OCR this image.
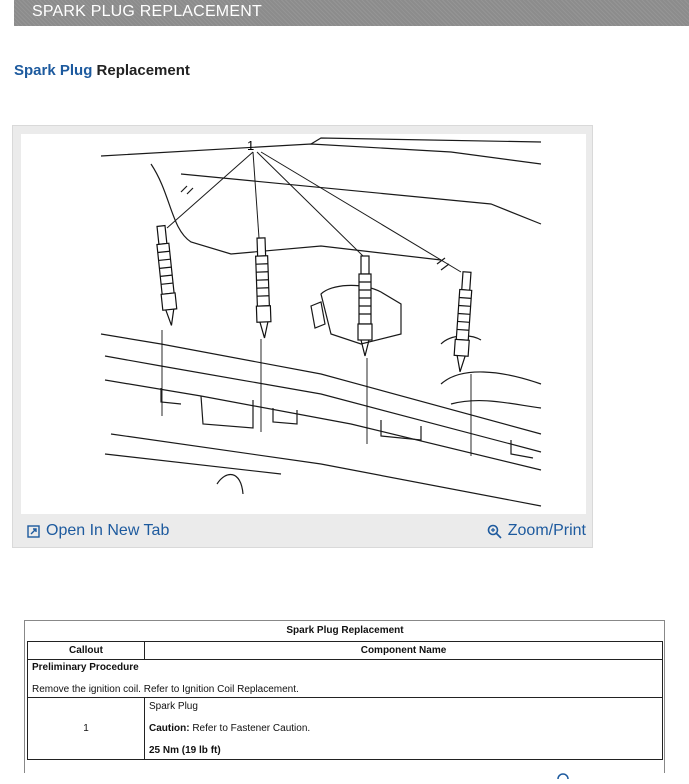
SPARK PLUG REPLACEMENT
Spark Plug Replacement
1
Open In New Tab	Zoom/Print
Spark Plug Replacement
Callout	Component Name

Preliminary Procedure
Remove the ignition coil. Refer to Ignition Coil Replacement.	
1	Spark Plug
Caution: Refer to Fastener Caution.
25 Nm (19 lb ft)
